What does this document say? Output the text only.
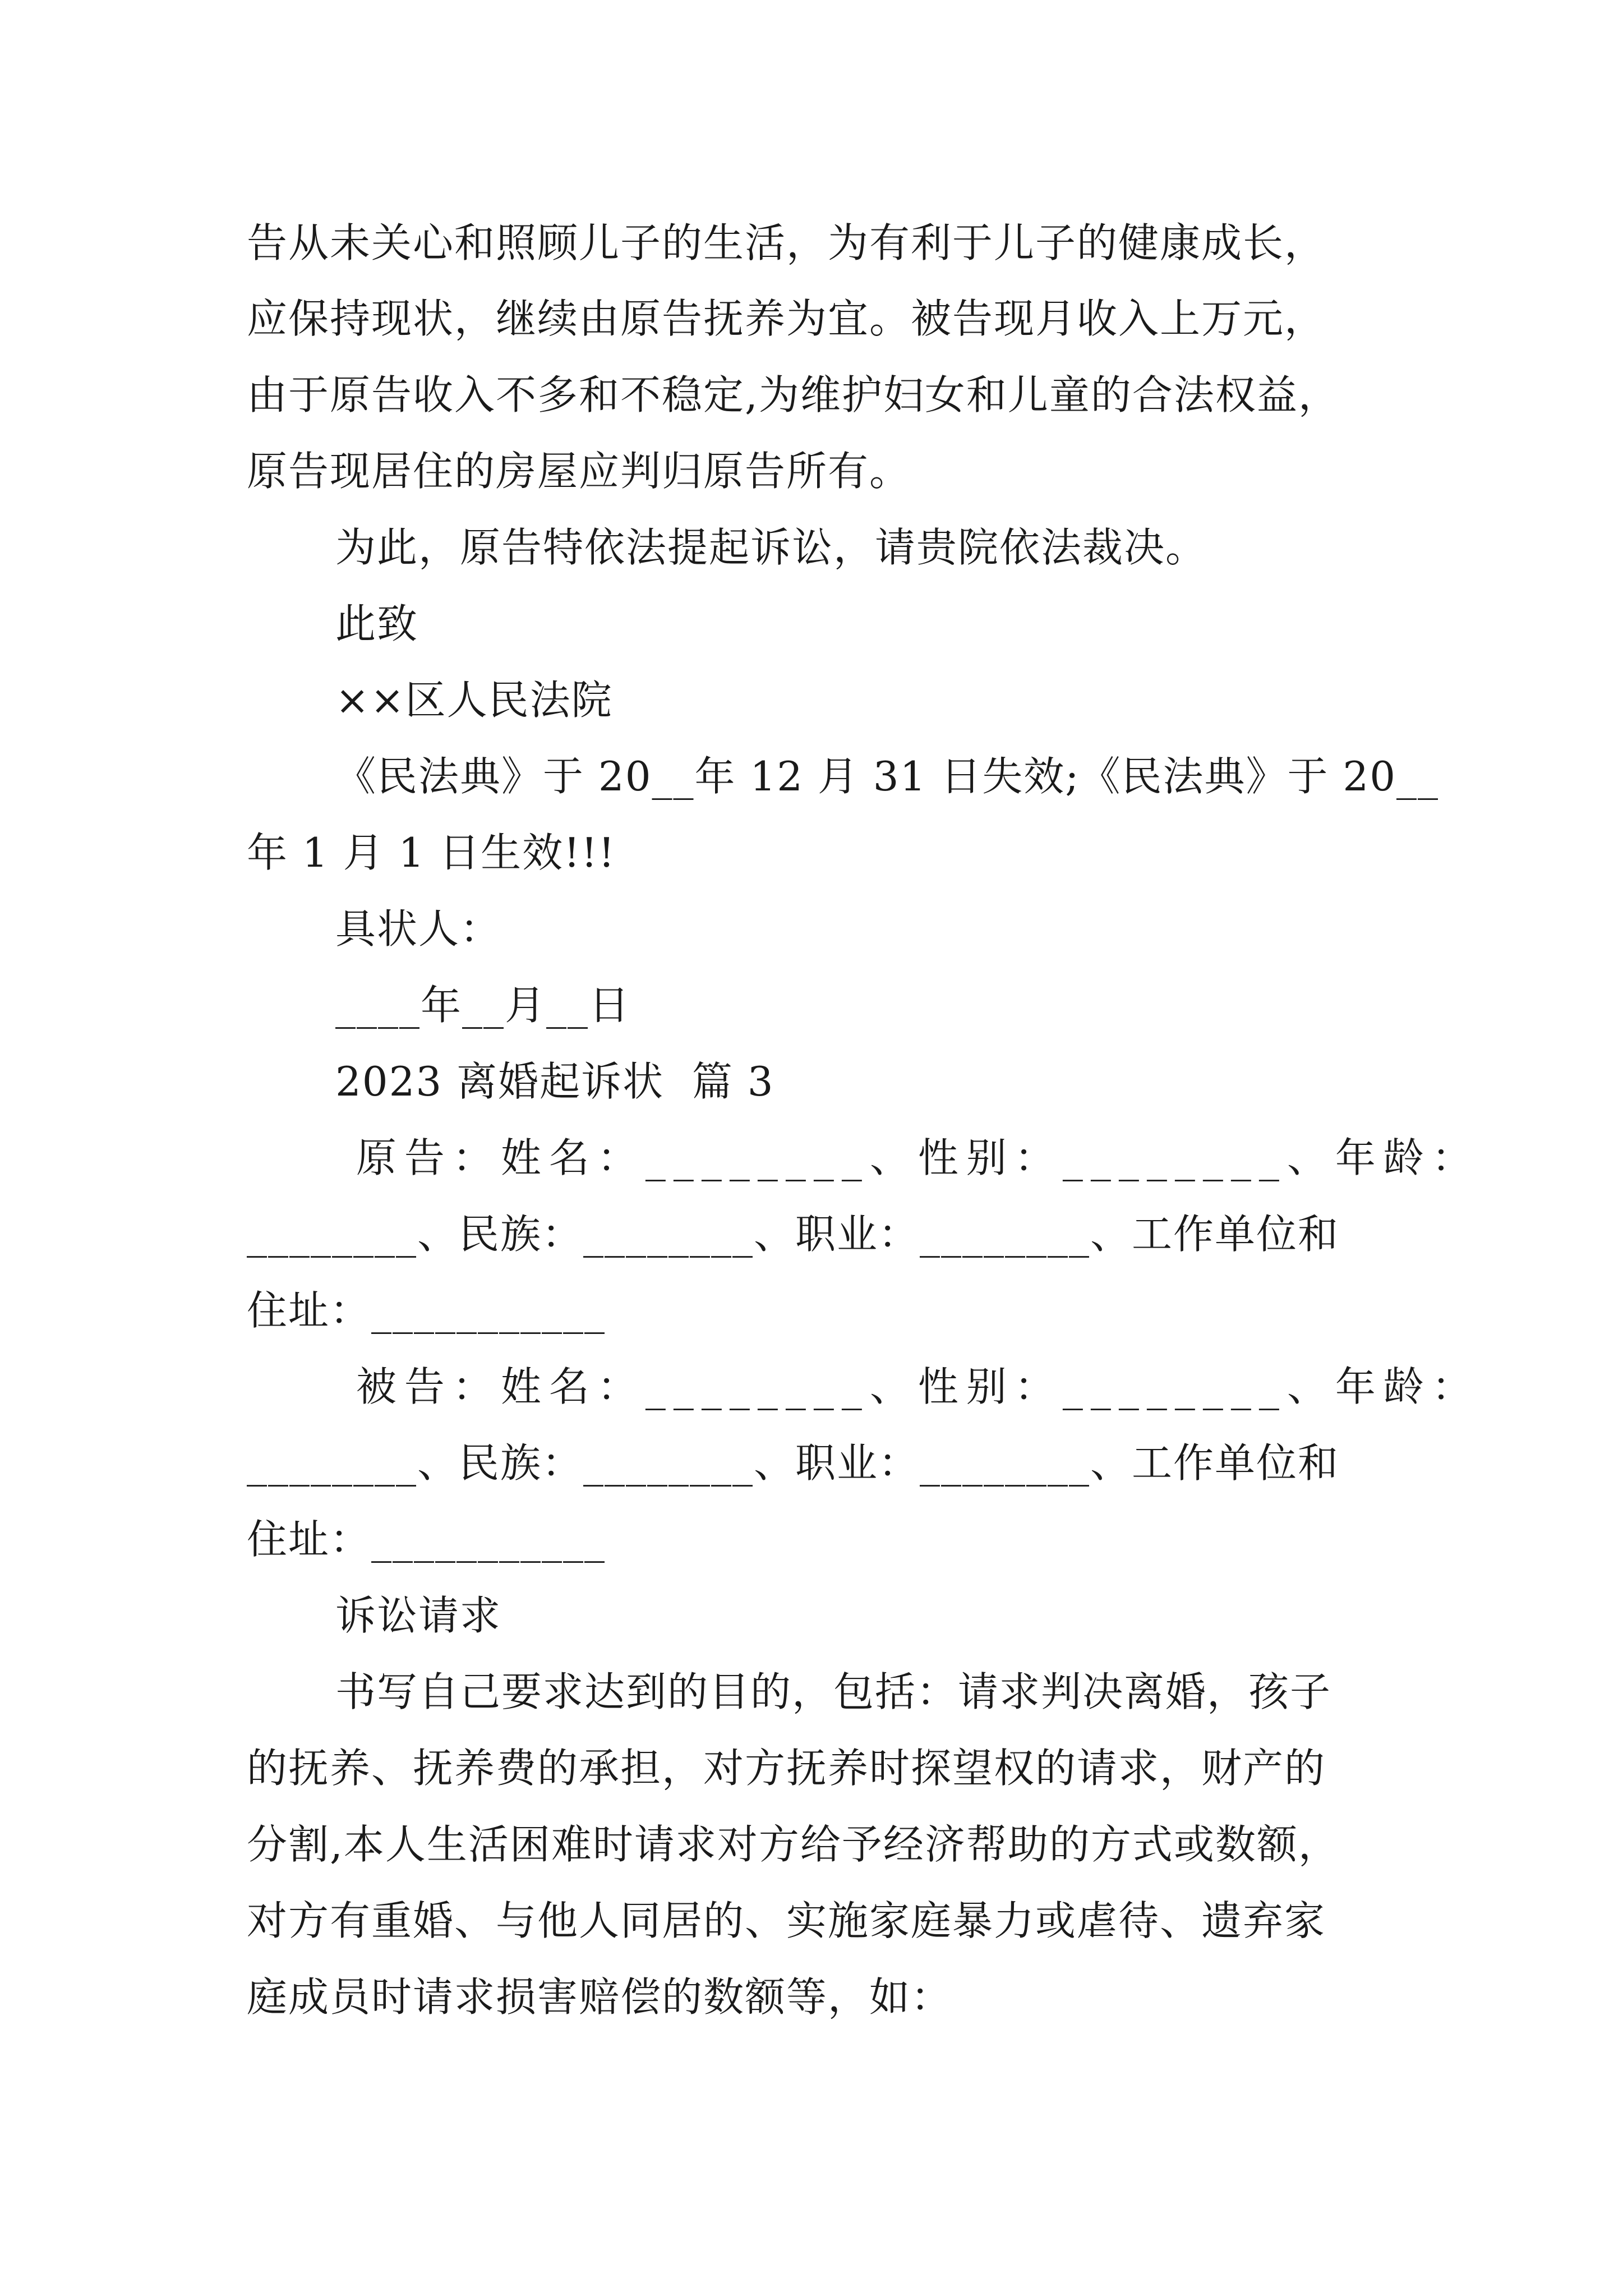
告从未关心和照顾儿子的生活，为有利于儿子的健康成长，
应保持现状，继续由原告抚养为宜。被告现月收入上万元，
由于原告收入不多和不稳定,为维护妇女和儿童的合法权益，
原告现居住的房屋应判归原告所有。
为此，原告特依法提起诉讼，请贵院依法裁决。
此致
××区人民法院
《民法典》于 20__年 12 月 31 日失效;《民法典》于 20__
年 1 月 1 日生效!!!
具状人：
____年__月__日
2023 离婚起诉状  篇 3
原告：姓名：________、性别：________、年龄：
________、民族：________、职业：________、工作单位和
住址：___________
被告：姓名：________、性别：________、年龄：
________、民族：________、职业：________、工作单位和
住址：___________
诉讼请求
书写自己要求达到的目的，包括：请求判决离婚，孩子
的抚养、抚养费的承担，对方抚养时探望权的请求，财产的
分割,本人生活困难时请求对方给予经济帮助的方式或数额，
对方有重婚、与他人同居的、实施家庭暴力或虐待、遗弃家
庭成员时请求损害赔偿的数额等，如：
